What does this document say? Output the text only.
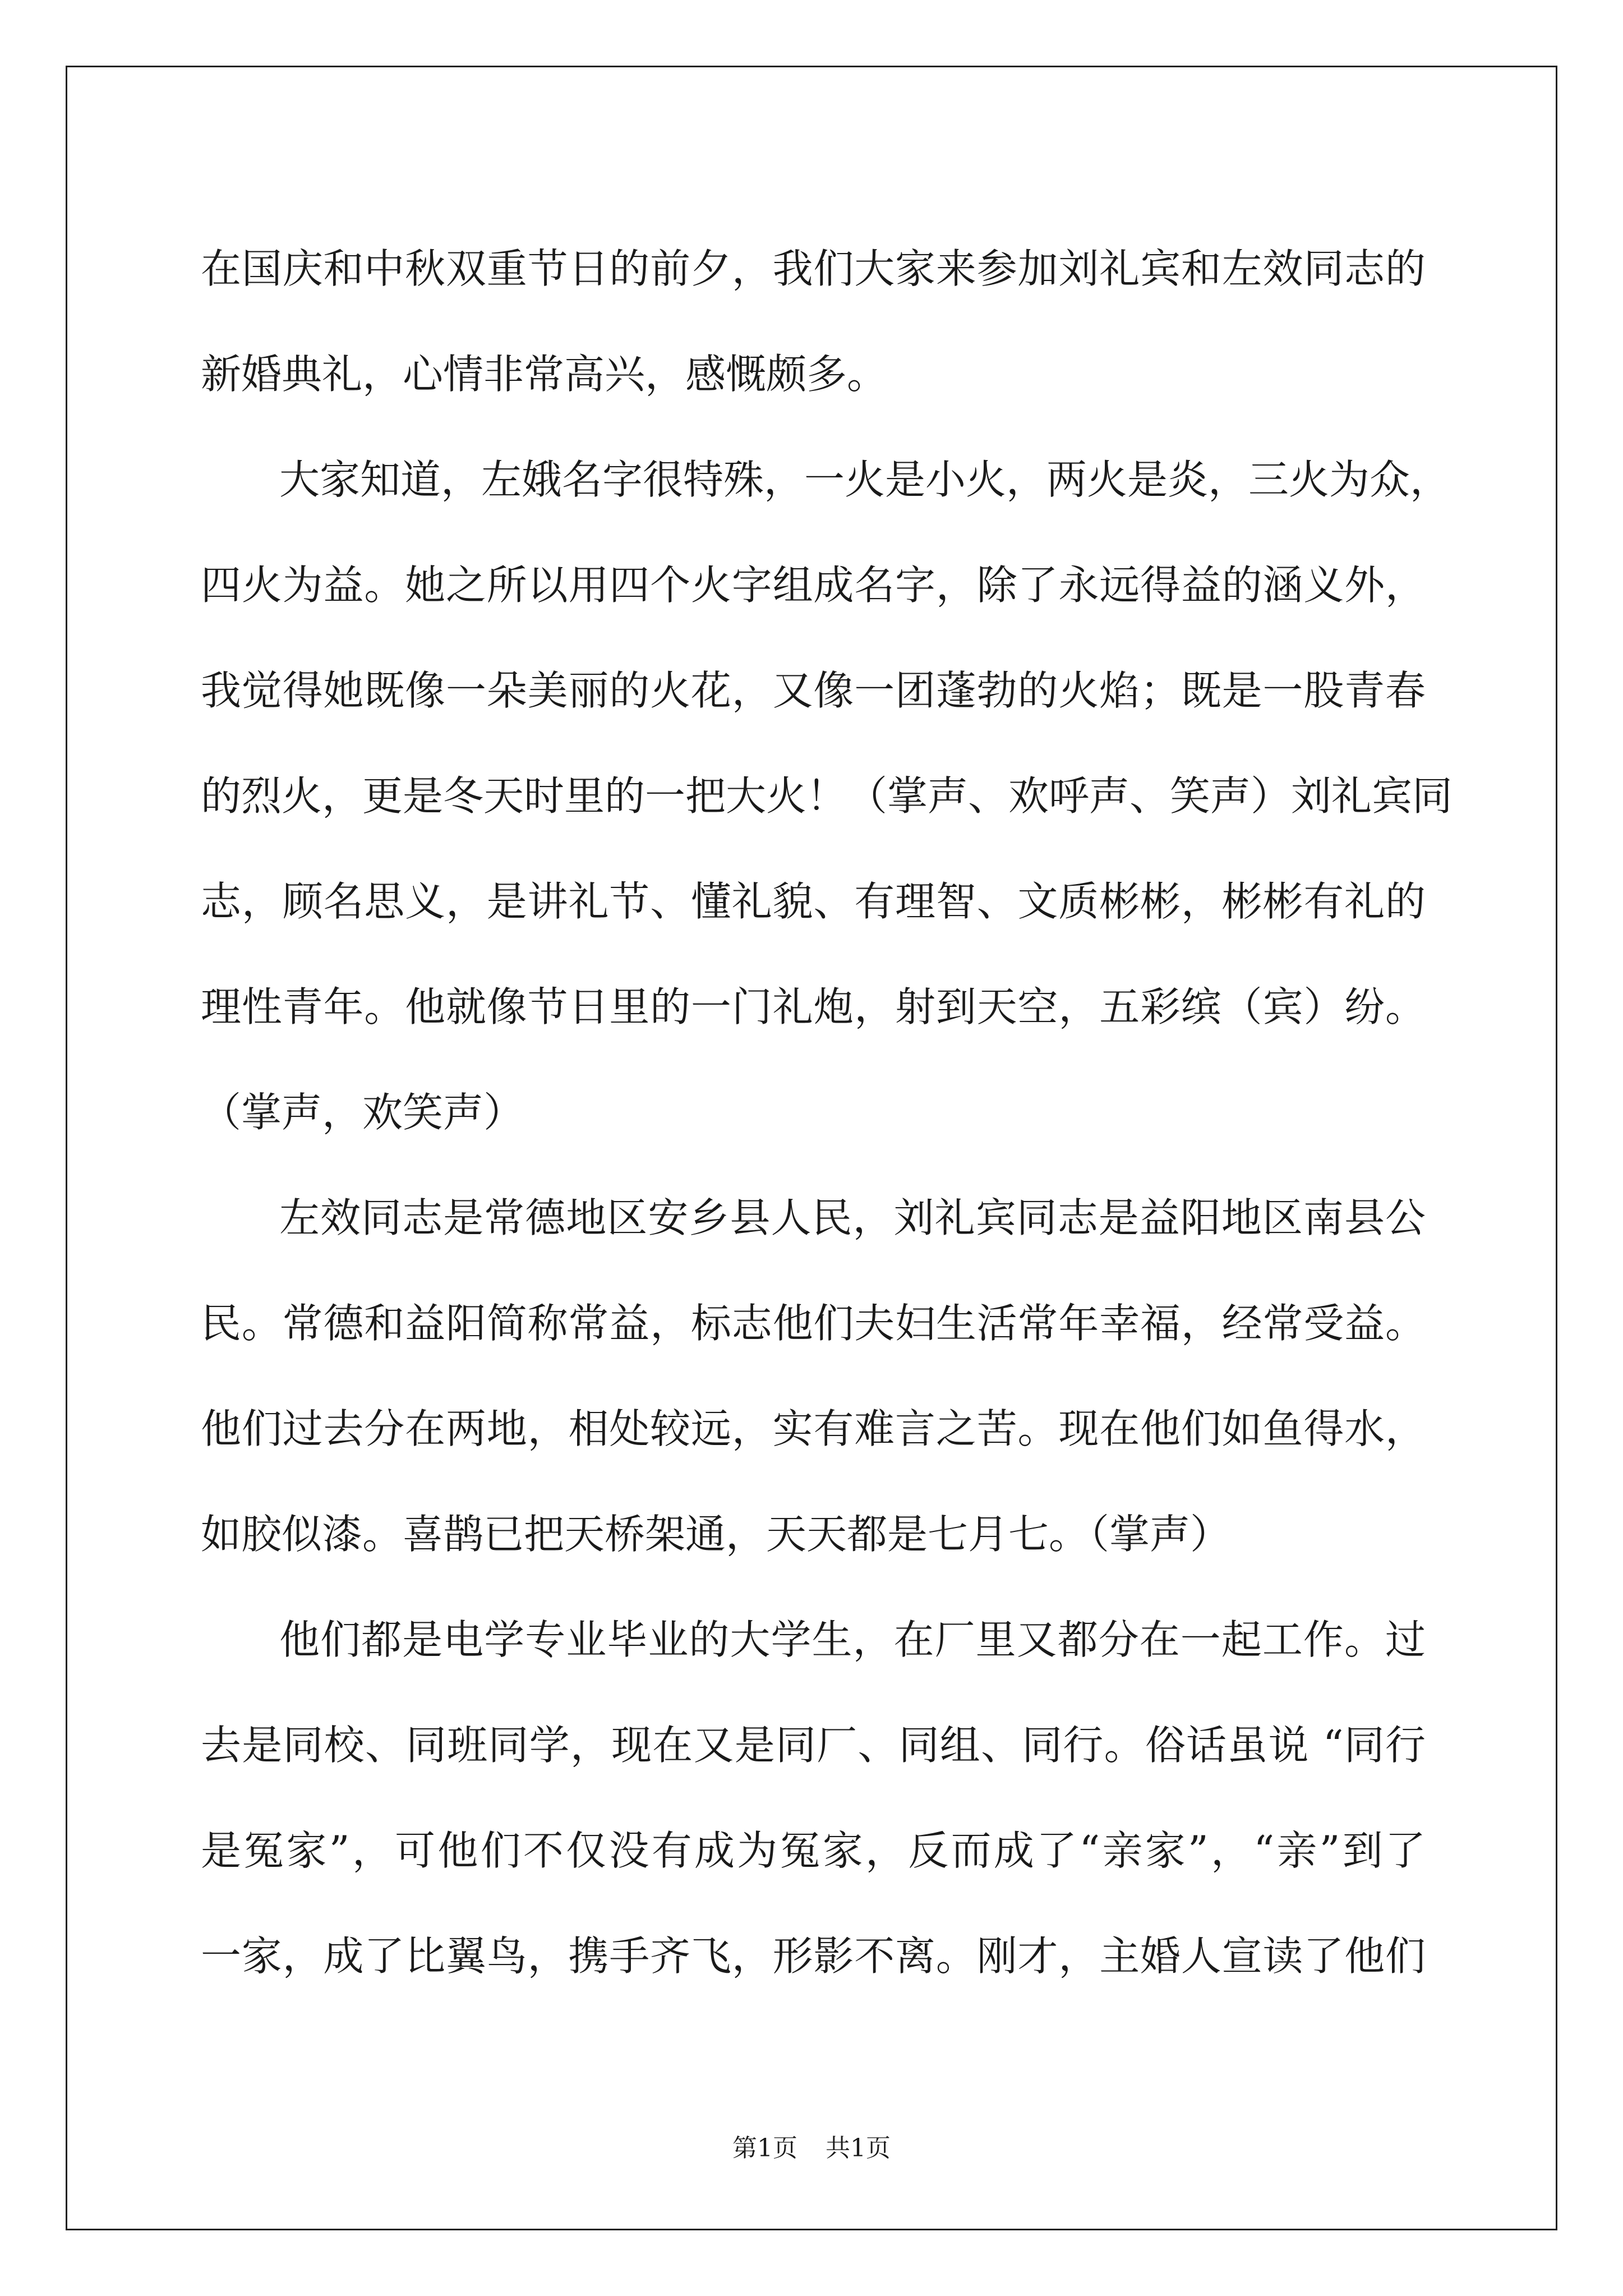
在国庆和中秋双重节日的前夕，我们大家来参加刘礼宾和左效同志的
新婚典礼，心情非常高兴，感慨颇多。
大家知道，左娥名字很特殊，一火是小火，两火是炎，三火为众，
四火为益。她之所以用四个火字组成名字，除了永远得益的涵义外，
我觉得她既像一朵美丽的火花，又像一团蓬勃的火焰；既是一股青春
的烈火，更是冬天时里的一把大火！（掌声、欢呼声、笑声）刘礼宾同
志，顾名思义，是讲礼节、懂礼貌、有理智、文质彬彬，彬彬有礼的
理性青年。他就像节日里的一门礼炮，射到天空，五彩缤（宾）纷。
（掌声，欢笑声）
左效同志是常德地区安乡县人民，刘礼宾同志是益阳地区南县公
民。常德和益阳简称常益，标志他们夫妇生活常年幸福，经常受益。
他们过去分在两地，相处较远，实有难言之苦。现在他们如鱼得水，
如胶似漆。喜鹊已把天桥架通，天天都是七月七。（掌声）
他们都是电学专业毕业的大学生，在厂里又都分在一起工作。过
去是同校、同班同学，现在又是同厂、同组、同行。俗话虽说 “同行
是冤家”，可他们不仅没有成为冤家，反而成了“亲家”，“亲”到了
一家，成了比翼鸟，携手齐飞，形影不离。刚才，主婚人宣读了他们
第1页 共1页
